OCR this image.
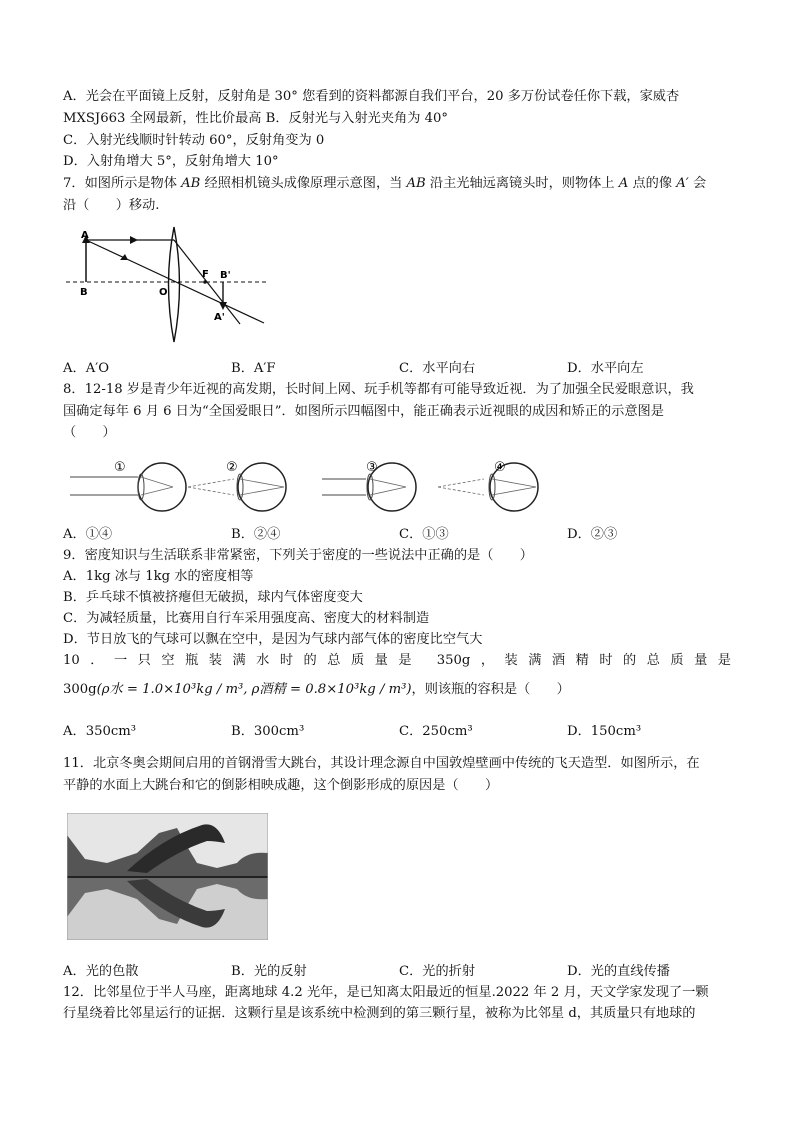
A．光会在平面镜上反射，反射角是 30° 您看到的资料都源自我们平台，20 多万份试卷任你下载，家威杏
MXSJ663 全网最新，性比价最高 B．反射光与入射光夹角为 40°
C．入射光线顺时针转动 60°，反射角变为 0
D．入射角增大 5°，反射角增大 10°
7．如图所示是物体 AB 经照相机镜头成像原理示意图，当 AB 沿主光轴远离镜头时，则物体上 A 点的像 A′ 会
沿（　　）移动.
A
B	O
F B'
A'
A．A′O	B．A′F	C．水平向右	D．水平向左
8．12-18 岁是青少年近视的高发期，长时间上网、玩手机等都有可能导致近视．为了加强全民爱眼意识，我
国确定每年 6 月 6 日为“全国爱眼日”．如图所示四幅图中，能正确表示近视眼的成因和矫正的示意图是
（　　）
①	②	③	④
A．①④	B．②④	C．①③	D．②③
9．密度知识与生活联系非常紧密，下列关于密度的一些说法中正确的是（　　）
A．1kg 冰与 1kg 水的密度相等
B．乒乓球不慎被挤瘪但无破损，球内气体密度变大
C．为减轻质量，比赛用自行车采用强度高、密度大的材料制造
D．节日放飞的气球可以飘在空中，是因为气球内部气体的密度比空气大
10．一只空瓶装满水时的总质量是 350g，装满酒精时的总质量是
300g(ρ水 = 1.0×10³kg / m³, ρ酒精 = 0.8×10³kg / m³)，则该瓶的容积是（　　）
A．350cm³	B．300cm³	C．250cm³	D．150cm³
11．北京冬奥会期间启用的首钢滑雪大跳台，其设计理念源自中国敦煌壁画中传统的飞天造型．如图所示，在
平静的水面上大跳台和它的倒影相映成趣，这个倒影形成的原因是（　　）
A．光的色散	B．光的反射	C．光的折射	D．光的直线传播
12．比邻星位于半人马座，距离地球 4.2 光年，是已知离太阳最近的恒星.2022 年 2 月，天文学家发现了一颗
行星绕着比邻星运行的证据．这颗行星是该系统中检测到的第三颗行星，被称为比邻星 d，其质量只有地球的
